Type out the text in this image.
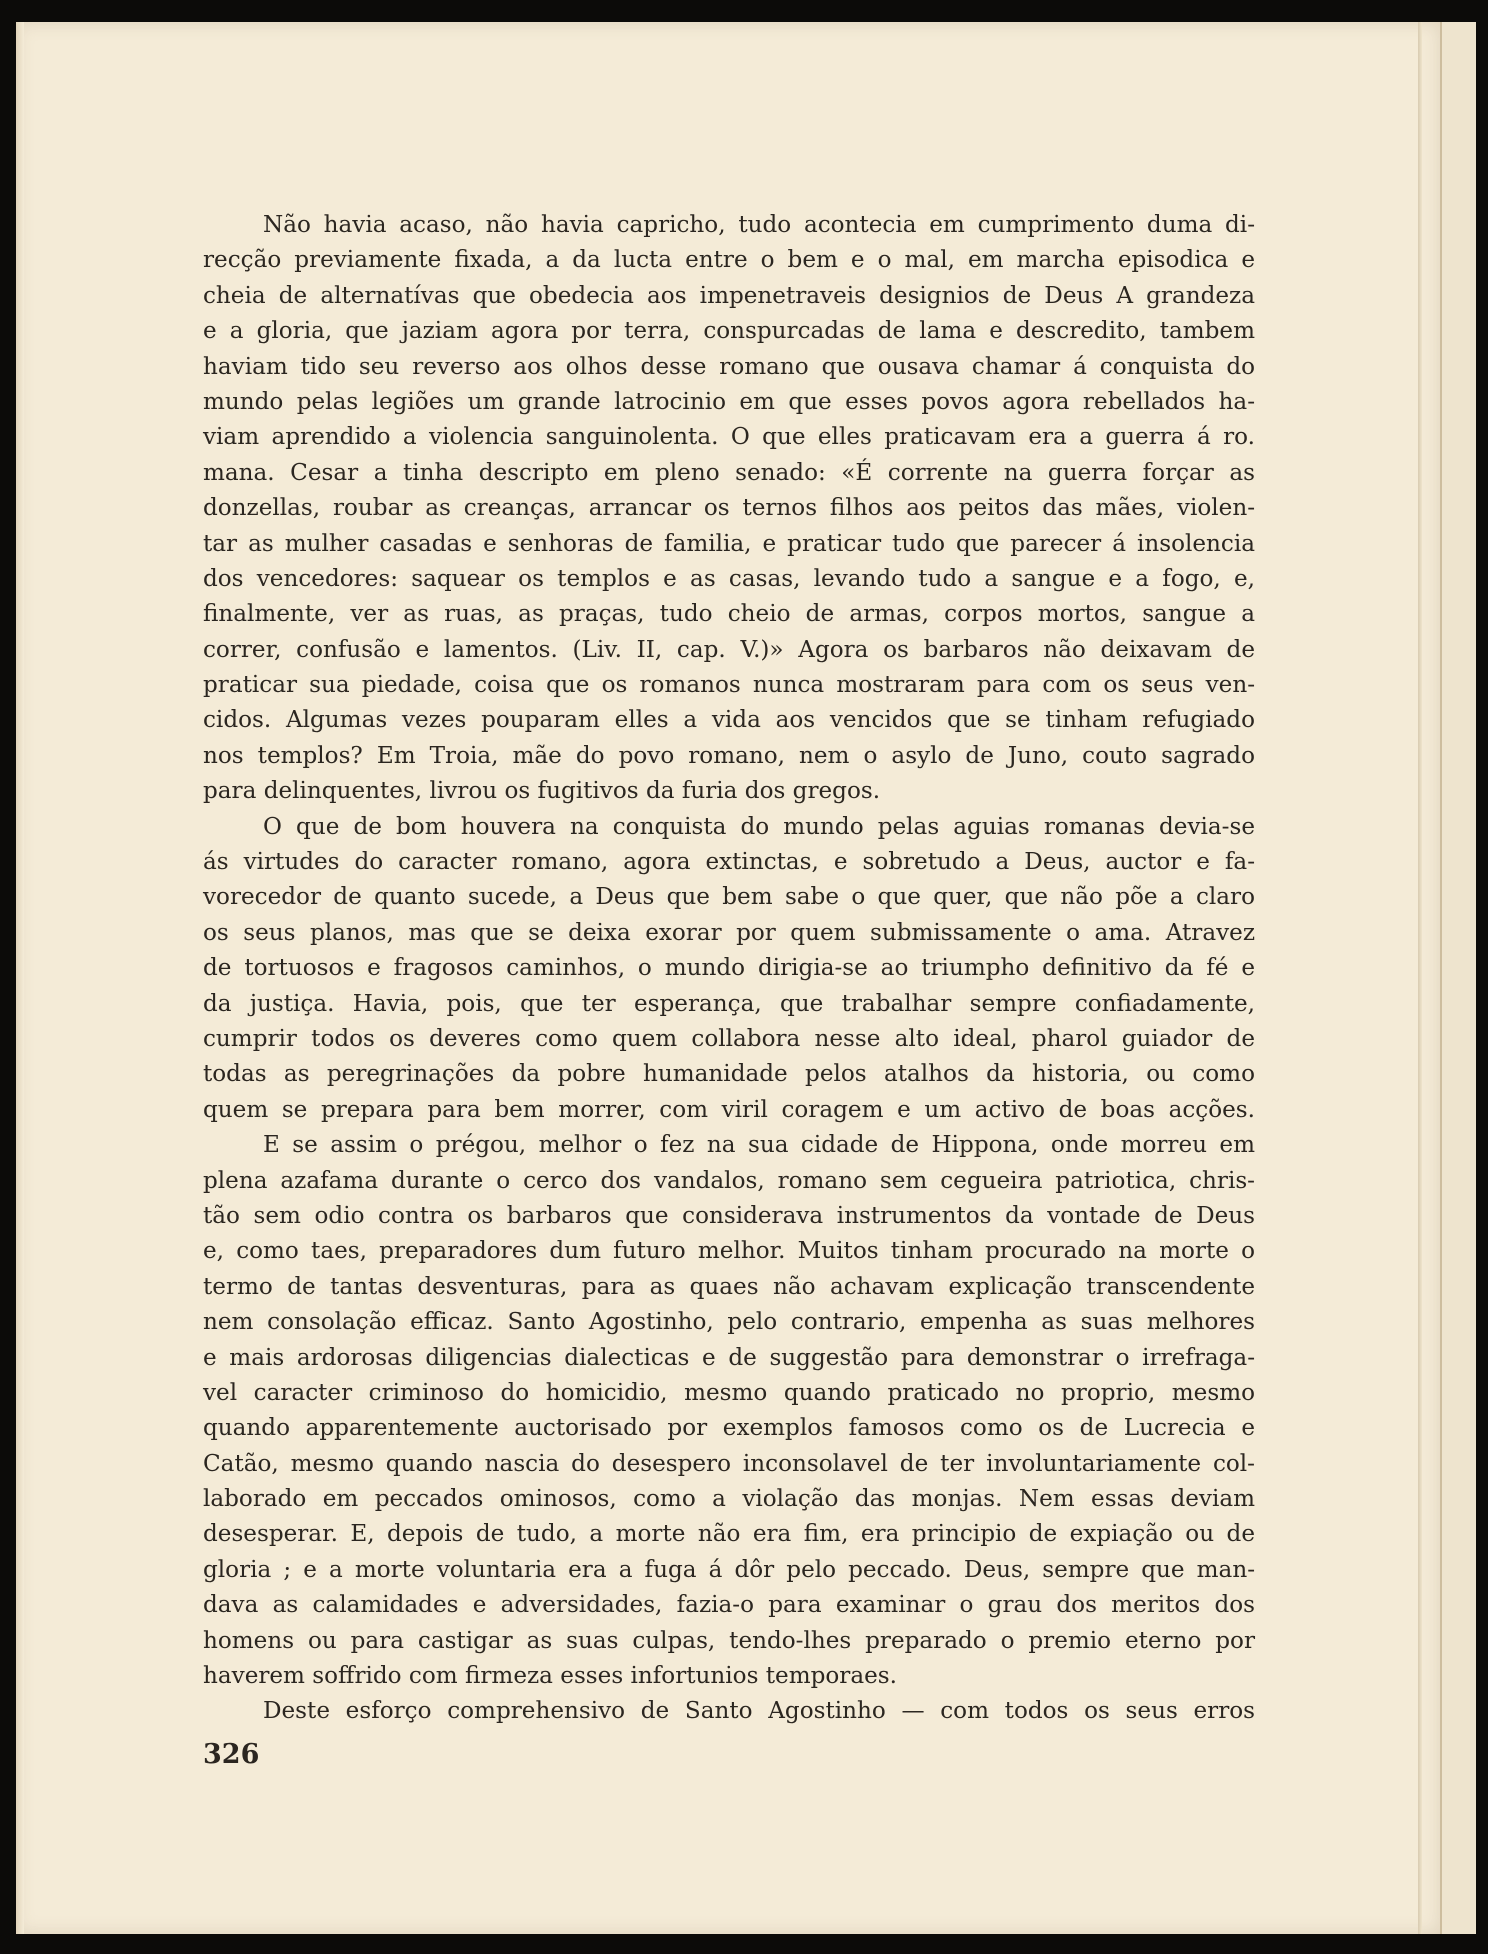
Não havia acaso, não havia capricho, tudo acontecia em cumprimento duma di-
recção previamente fixada, a da lucta entre o bem e o mal, em marcha episodica e
cheia de alternatívas que obedecia aos impenetraveis designios de Deus A grandeza
e a gloria, que jaziam agora por terra, conspurcadas de lama e descredito, tambem
haviam tido seu reverso aos olhos desse romano que ousava chamar á conquista do
mundo pelas legiões um grande latrocinio em que esses povos agora rebellados ha-
viam aprendido a violencia sanguinolenta. O que elles praticavam era a guerra á ro.
mana. Cesar a tinha descripto em pleno senado: «É corrente na guerra forçar as
donzellas, roubar as creanças, arrancar os ternos filhos aos peitos das mães, violen-
tar as mulher casadas e senhoras de familia, e praticar tudo que parecer á insolencia
dos vencedores: saquear os templos e as casas, levando tudo a sangue e a fogo, e,
finalmente, ver as ruas, as praças, tudo cheio de armas, corpos mortos, sangue a
correr, confusão e lamentos. (Liv. II, cap. V.)» Agora os barbaros não deixavam de
praticar sua piedade, coisa que os romanos nunca mostraram para com os seus ven-
cidos. Algumas vezes pouparam elles a vida aos vencidos que se tinham refugiado
nos templos? Em Troia, mãe do povo romano, nem o asylo de Juno, couto sagrado
para delinquentes, livrou os fugitivos da furia dos gregos.
O que de bom houvera na conquista do mundo pelas aguias romanas devia-se
ás virtudes do caracter romano, agora extinctas, e sobretudo a Deus, auctor e fa-
vorecedor de quanto sucede, a Deus que bem sabe o que quer, que não põe a claro
os seus planos, mas que se deixa exorar por quem submissamente o ama. Atravez
de tortuosos e fragosos caminhos, o mundo dirigia-se ao triumpho definitivo da fé e
da justiça. Havia, pois, que ter esperança, que trabalhar sempre confiadamente,
cumprir todos os deveres como quem collabora nesse alto ideal, pharol guiador de
todas as peregrinações da pobre humanidade pelos atalhos da historia, ou como
quem se prepara para bem morrer, com viril coragem e um activo de boas acções.
E se assim o prégou, melhor o fez na sua cidade de Hippona, onde morreu em
plena azafama durante o cerco dos vandalos, romano sem cegueira patriotica, chris-
tão sem odio contra os barbaros que considerava instrumentos da vontade de Deus
e, como taes, preparadores dum futuro melhor. Muitos tinham procurado na morte o
termo de tantas desventuras, para as quaes não achavam explicação transcendente
nem consolação efficaz. Santo Agostinho, pelo contrario, empenha as suas melhores
e mais ardorosas diligencias dialecticas e de suggestão para demonstrar o irrefraga-
vel caracter criminoso do homicidio, mesmo quando praticado no proprio, mesmo
quando apparentemente auctorisado por exemplos famosos como os de Lucrecia e
Catão, mesmo quando nascia do desespero inconsolavel de ter involuntariamente col-
laborado em peccados ominosos, como a violação das monjas. Nem essas deviam
desesperar. E, depois de tudo, a morte não era fim, era principio de expiação ou de
gloria ; e a morte voluntaria era a fuga á dôr pelo peccado. Deus, sempre que man-
dava as calamidades e adversidades, fazia-o para examinar o grau dos meritos dos
homens ou para castigar as suas culpas, tendo-lhes preparado o premio eterno por
haverem soffrido com firmeza esses infortunios temporaes.
Deste esforço comprehensivo de Santo Agostinho — com todos os seus erros
326
